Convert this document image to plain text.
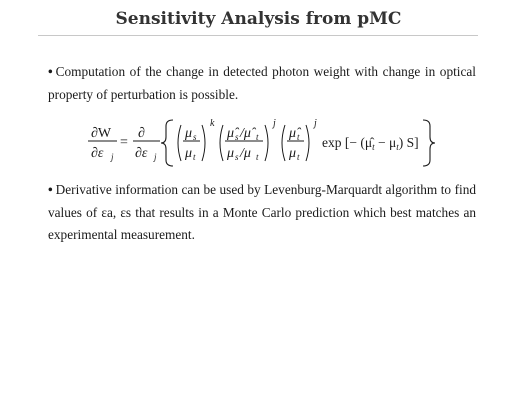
Sensitivity Analysis from pMC
• Computation of the change in detected photon weight with change in optical property of perturbation is possible.
∂W
∂ε j
=
∂
∂ε j
μ s
μ t
k
μ̂ s /μ̂ t
μ s /μ t
j
μ̂ t
μ t
j
exp [− $(\mû_t - \mu_t)$ S]
• Derivative information can be used by Levenburg-Marquardt algorithm to find values of εa, εs that results in a Monte Carlo prediction which best matches an experimental measurement.
